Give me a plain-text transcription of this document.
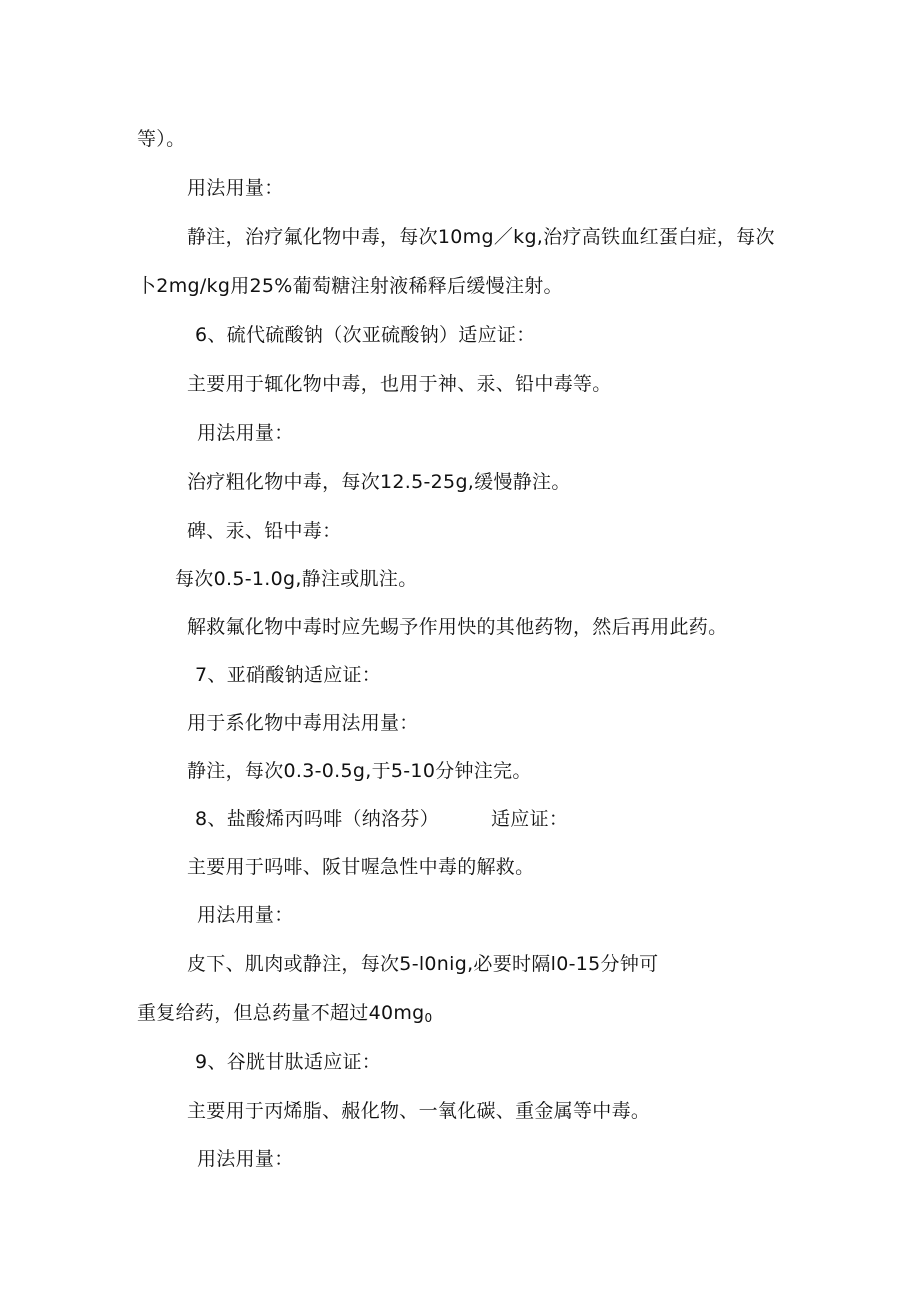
等）。
用法用量：
静注，治疗氟化物中毒，每次10mg／kg,治疗高铁血红蛋白症，每次
卜2mg/kg用25%葡萄糖注射液稀释后缓慢注射。
6、硫代硫酸钠（次亚硫酸钠）适应证：
主要用于辄化物中毒，也用于神、汞、铅中毒等。
用法用量：
治疗粗化物中毒，每次12.5-25g,缓慢静注。
碑、汞、铅中毒：
每次0.5-1.0g,静注或肌注。
解救氟化物中毒时应先蜴予作用快的其他药物，然后再用此药。
7、亚硝酸钠适应证：
用于系化物中毒用法用量：
静注，每次0.3-0.5g,于5-10分钟注完。
8、盐酸烯丙吗啡（纳洛芬）	适应证：
主要用于吗啡、阪甘喔急性中毒的解救。
用法用量：
皮下、肌肉或静注，每次5-l0nig,必要时隔l0-15分钟可
重复给药，但总药量不超过$40mg_0$
9、谷胱甘肽适应证：
主要用于丙烯脂、赧化物、一氧化碳、重金属等中毒。
用法用量：
